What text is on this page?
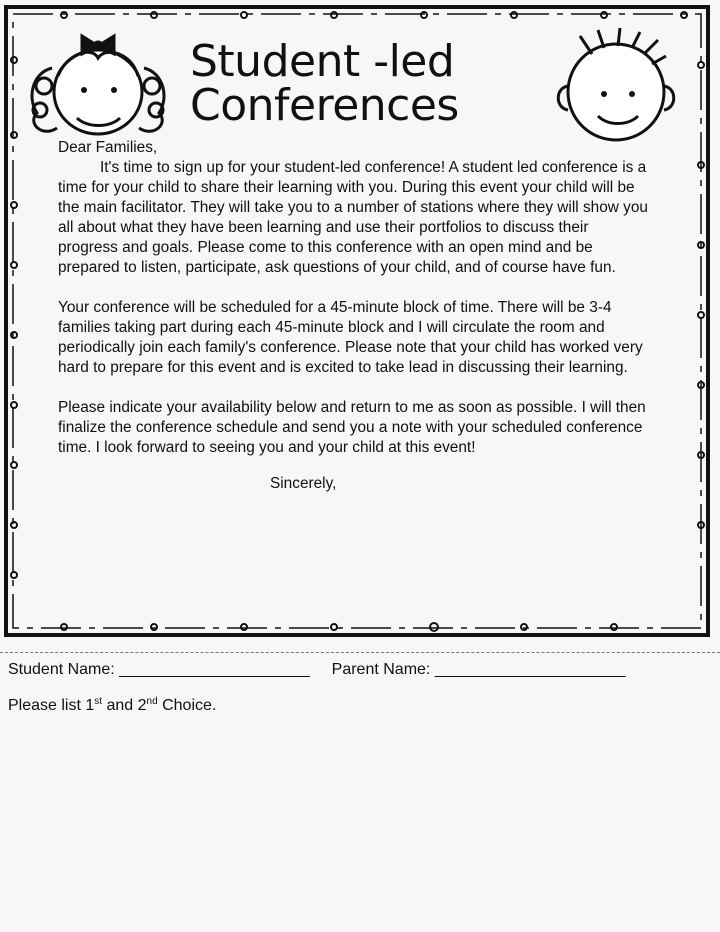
Student -led
Conferences

Dear Families,

It's time to sign up for your student-led conference! A student led conference is a time for your child to share their learning with you. During this event your child will be the main facilitator. They will take you to a number of stations where they will show you all about what they have been learning and use their portfolios to discuss their progress and goals. Please come to this conference with an open mind and be prepared to listen, participate, ask questions of your child, and of course have fun.

Your conference will be scheduled for a 45-minute block of time. There will be 3-4 families taking part during each 45-minute block and I will circulate the room and periodically join each family's conference. Please note that your child has worked very hard to prepare for this event and is excited to take lead in discussing their learning.

Please indicate your availability below and return to me as soon as possible. I will then finalize the conference schedule and send you a note with your scheduled conference time. I look forward to seeing you and your child at this event!

Sincerely,

Student Name: ________________________ Parent Name: ________________________
Please list 1st and 2nd Choice.
